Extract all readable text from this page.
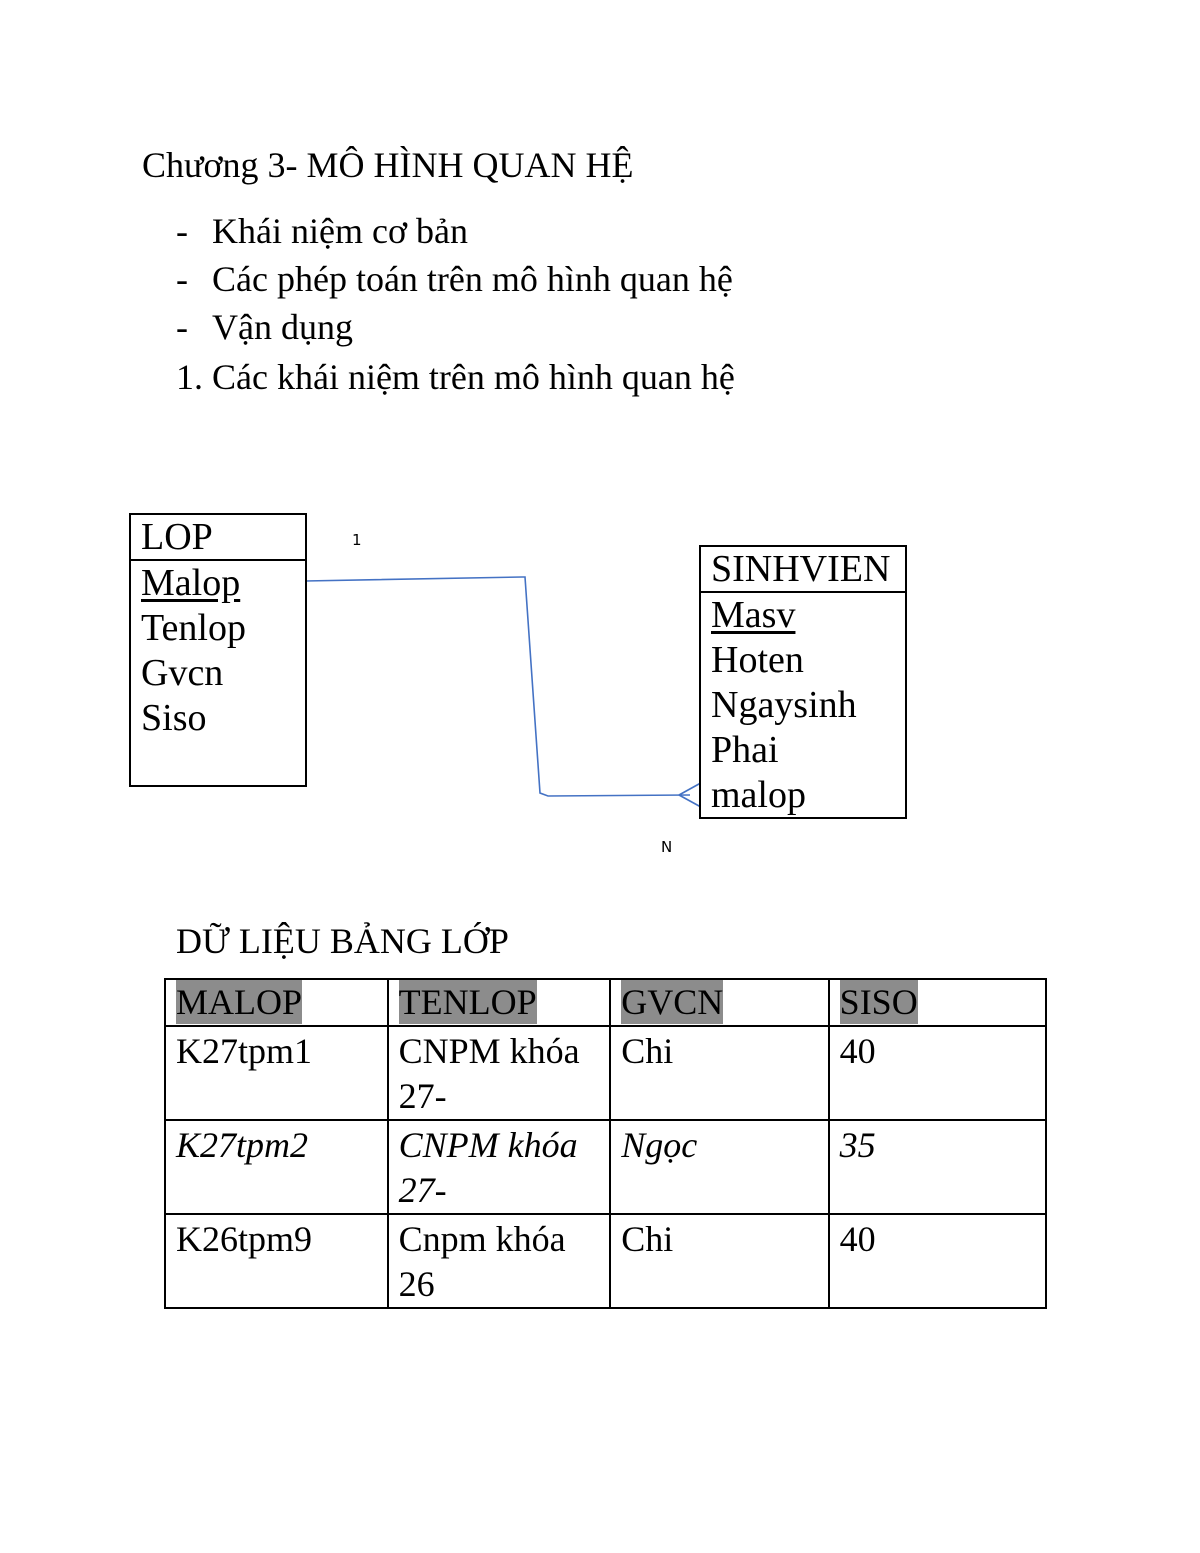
Chương 3- MÔ HÌNH QUAN HỆ
- Khái niệm cơ bản
- Các phép toán trên mô hình quan hệ
- Vận dụng
1. Các khái niệm trên mô hình quan hệ
LOP
Malop
Tenlop
Gvcn
Siso
SINHVIEN
Masv
Hoten
Ngaysinh
Phai
malop
1
N
DỮ LIỆU BẢNG LỚP
MALOP	TENLOP	GVCN	SISO
K27tpm1	CNPM khóa 27-	Chi	40
K27tpm2	CNPM khóa 27-	Ngọc	35
K26tpm9	Cnpm khóa 26	Chi	40
